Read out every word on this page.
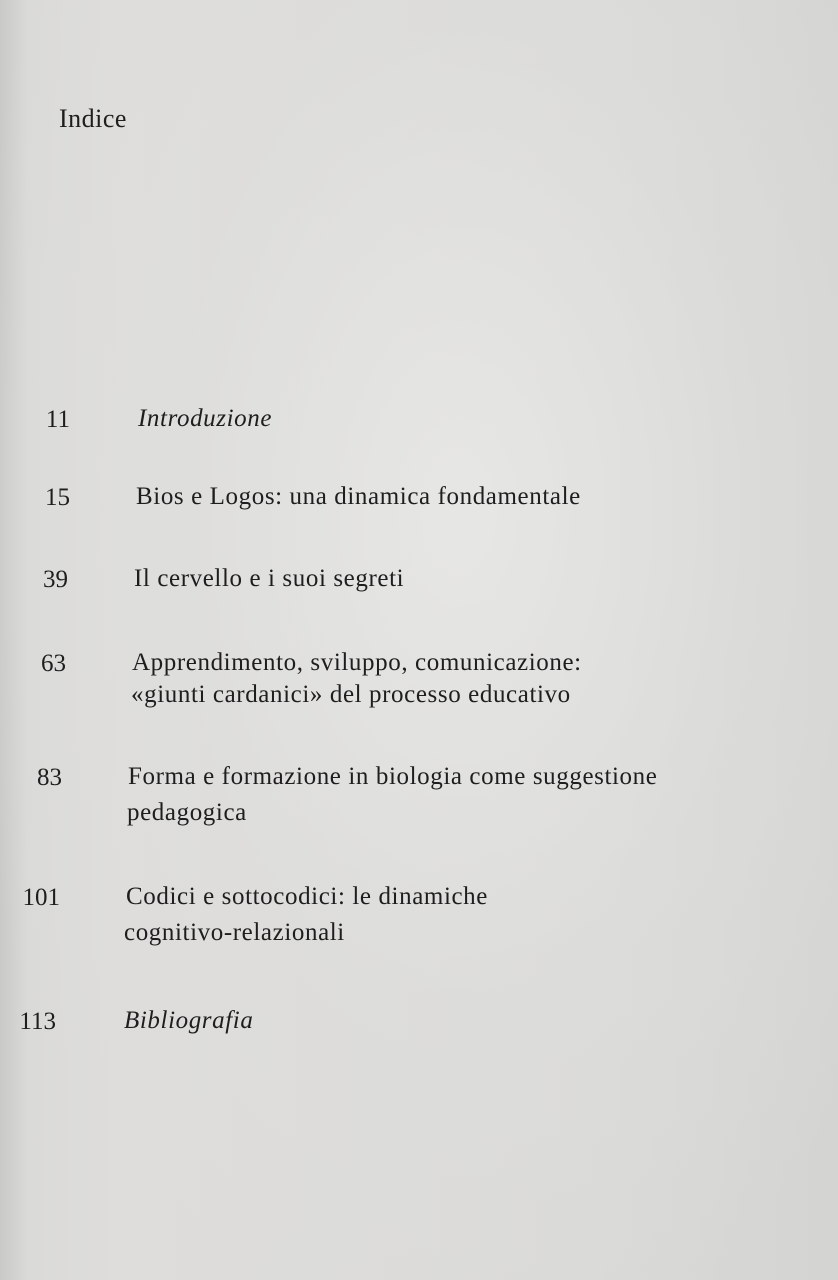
Indice
11	Introduzione
15	Bios e Logos: una dinamica fondamentale
39	Il cervello e i suoi segreti
63	Apprendimento, sviluppo, comunicazione:
«giunti cardanici» del processo educativo
83	Forma e formazione in biologia come suggestione
pedagogica
101	Codici e sottocodici: le dinamiche
cognitivo-relazionali
113	Bibliografia
